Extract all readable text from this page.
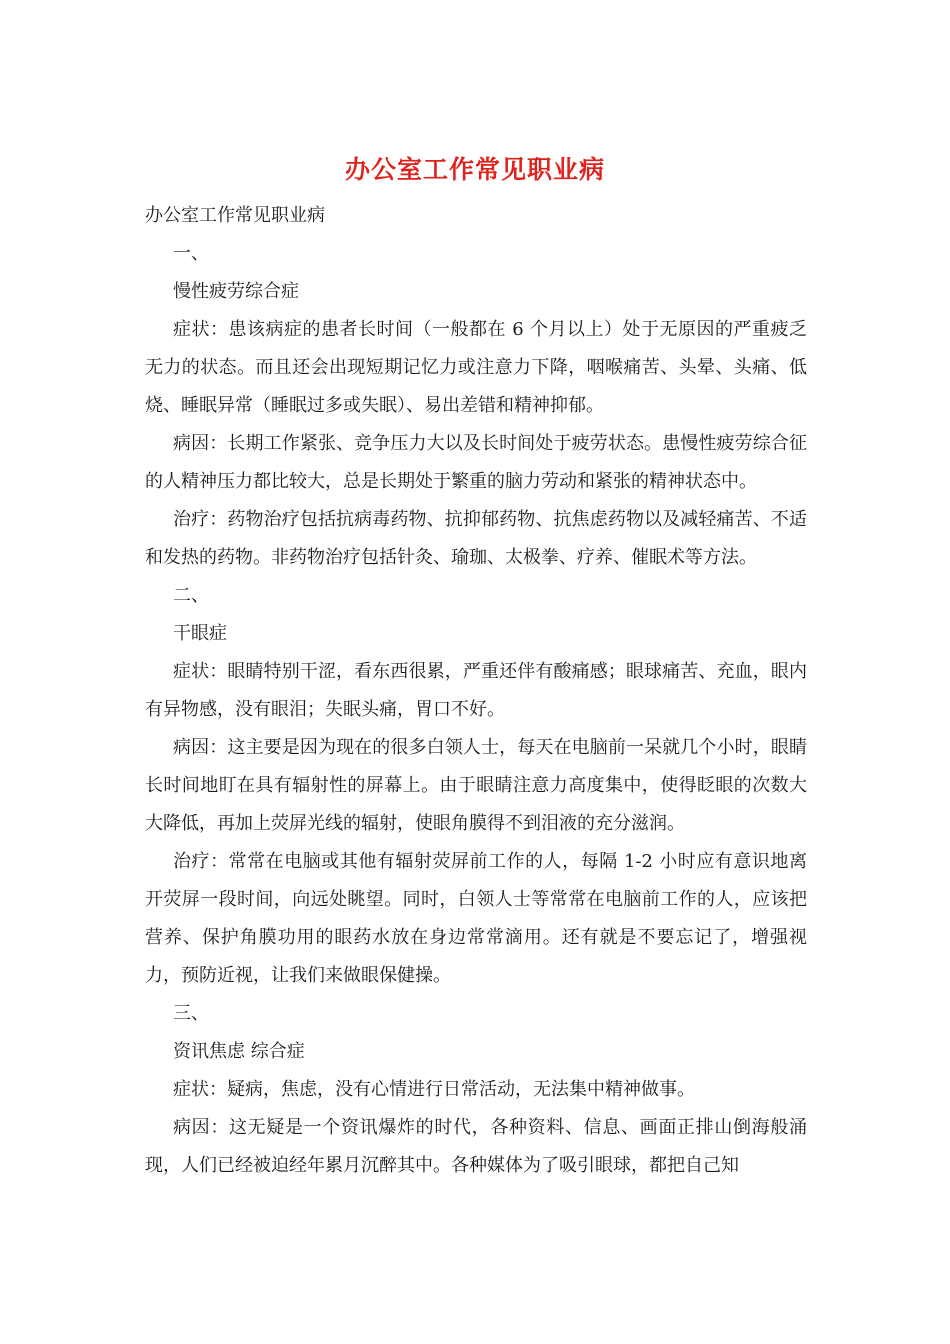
办公室工作常见职业病

办公室工作常见职业病

一、

慢性疲劳综合症

症状：患该病症的患者长时间（一般都在 6 个月以上）处于无原因的严重疲乏无力的状态。而且还会出现短期记忆力或注意力下降，咽喉痛苦、头晕、头痛、低烧、睡眠异常（睡眠过多或失眠）、易出差错和精神抑郁。

病因：长期工作紧张、竞争压力大以及长时间处于疲劳状态。患慢性疲劳综合征的人精神压力都比较大，总是长期处于繁重的脑力劳动和紧张的精神状态中。

治疗：药物治疗包括抗病毒药物、抗抑郁药物、抗焦虑药物以及减轻痛苦、不适和发热的药物。非药物治疗包括针灸、瑜珈、太极拳、疗养、催眠术等方法。

二、

干眼症

症状：眼睛特别干涩，看东西很累，严重还伴有酸痛感；眼球痛苦、充血，眼内有异物感，没有眼泪；失眠头痛，胃口不好。

病因：这主要是因为现在的很多白领人士，每天在电脑前一呆就几个小时，眼睛长时间地盯在具有辐射性的屏幕上。由于眼睛注意力高度集中，使得眨眼的次数大大降低，再加上荧屏光线的辐射，使眼角膜得不到泪液的充分滋润。

治疗：常常在电脑或其他有辐射荧屏前工作的人，每隔 1-2 小时应有意识地离开荧屏一段时间，向远处眺望。同时，白领人士等常常在电脑前工作的人，应该把营养、保护角膜功用的眼药水放在身边常常滴用。还有就是不要忘记了，增强视力，预防近视，让我们来做眼保健操。

三、

资讯焦虑 综合症

症状：疑病，焦虑，没有心情进行日常活动，无法集中精神做事。

病因：这无疑是一个资讯爆炸的时代，各种资料、信息、画面正排山倒海般涌现，人们已经被迫经年累月沉醉其中。各种媒体为了吸引眼球，都把自己知
